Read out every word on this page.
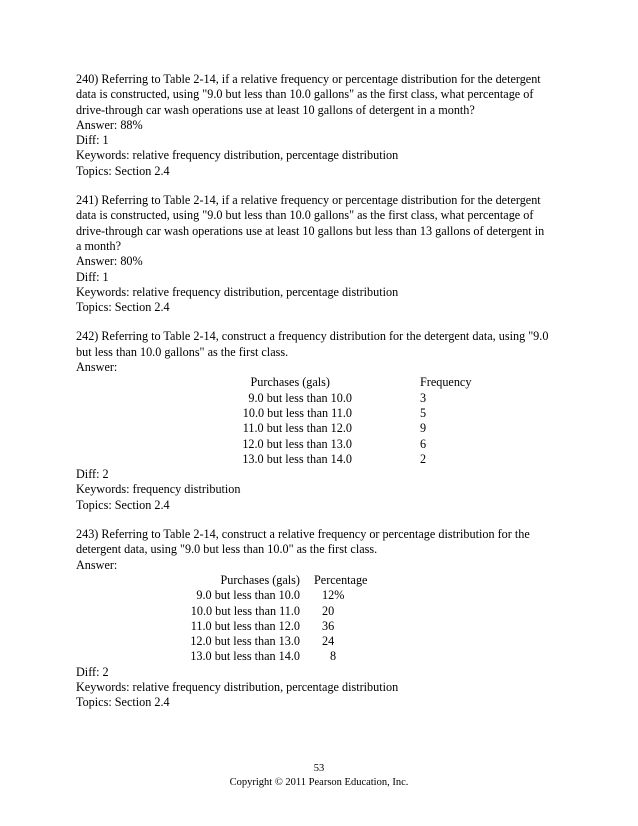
240) Referring to Table 2-14, if a relative frequency or percentage distribution for the detergent
data is constructed, using "9.0 but less than 10.0 gallons" as the first class, what percentage of
drive-through car wash operations use at least 10 gallons of detergent in a month?
Answer: 88%
Diff: 1
Keywords: relative frequency distribution, percentage distribution
Topics: Section 2.4
241) Referring to Table 2-14, if a relative frequency or percentage distribution for the detergent
data is constructed, using "9.0 but less than 10.0 gallons" as the first class, what percentage of
drive-through car wash operations use at least 10 gallons but less than 13 gallons of detergent in
a month?
Answer: 80%
Diff: 1
Keywords: relative frequency distribution, percentage distribution
Topics: Section 2.4
242) Referring to Table 2-14, construct a frequency distribution for the detergent data, using "9.0
but less than 10.0 gallons" as the first class.
Answer:
Purchases (gals)	Frequency
9.0 but less than 10.0	3
10.0 but less than 11.0	5
11.0 but less than 12.0	9
12.0 but less than 13.0	6
13.0 but less than 14.0	2
Diff: 2
Keywords: frequency distribution
Topics: Section 2.4
243) Referring to Table 2-14, construct a relative frequency or percentage distribution for the
detergent data, using "9.0 but less than 10.0" as the first class.
Answer:
Purchases (gals)	Percentage
9.0 but less than 10.0	12%
10.0 but less than 11.0	20
11.0 but less than 12.0	36
12.0 but less than 13.0	24
13.0 but less than 14.0	8
Diff: 2
Keywords: relative frequency distribution, percentage distribution
Topics: Section 2.4
53
Copyright © 2011 Pearson Education, Inc.
